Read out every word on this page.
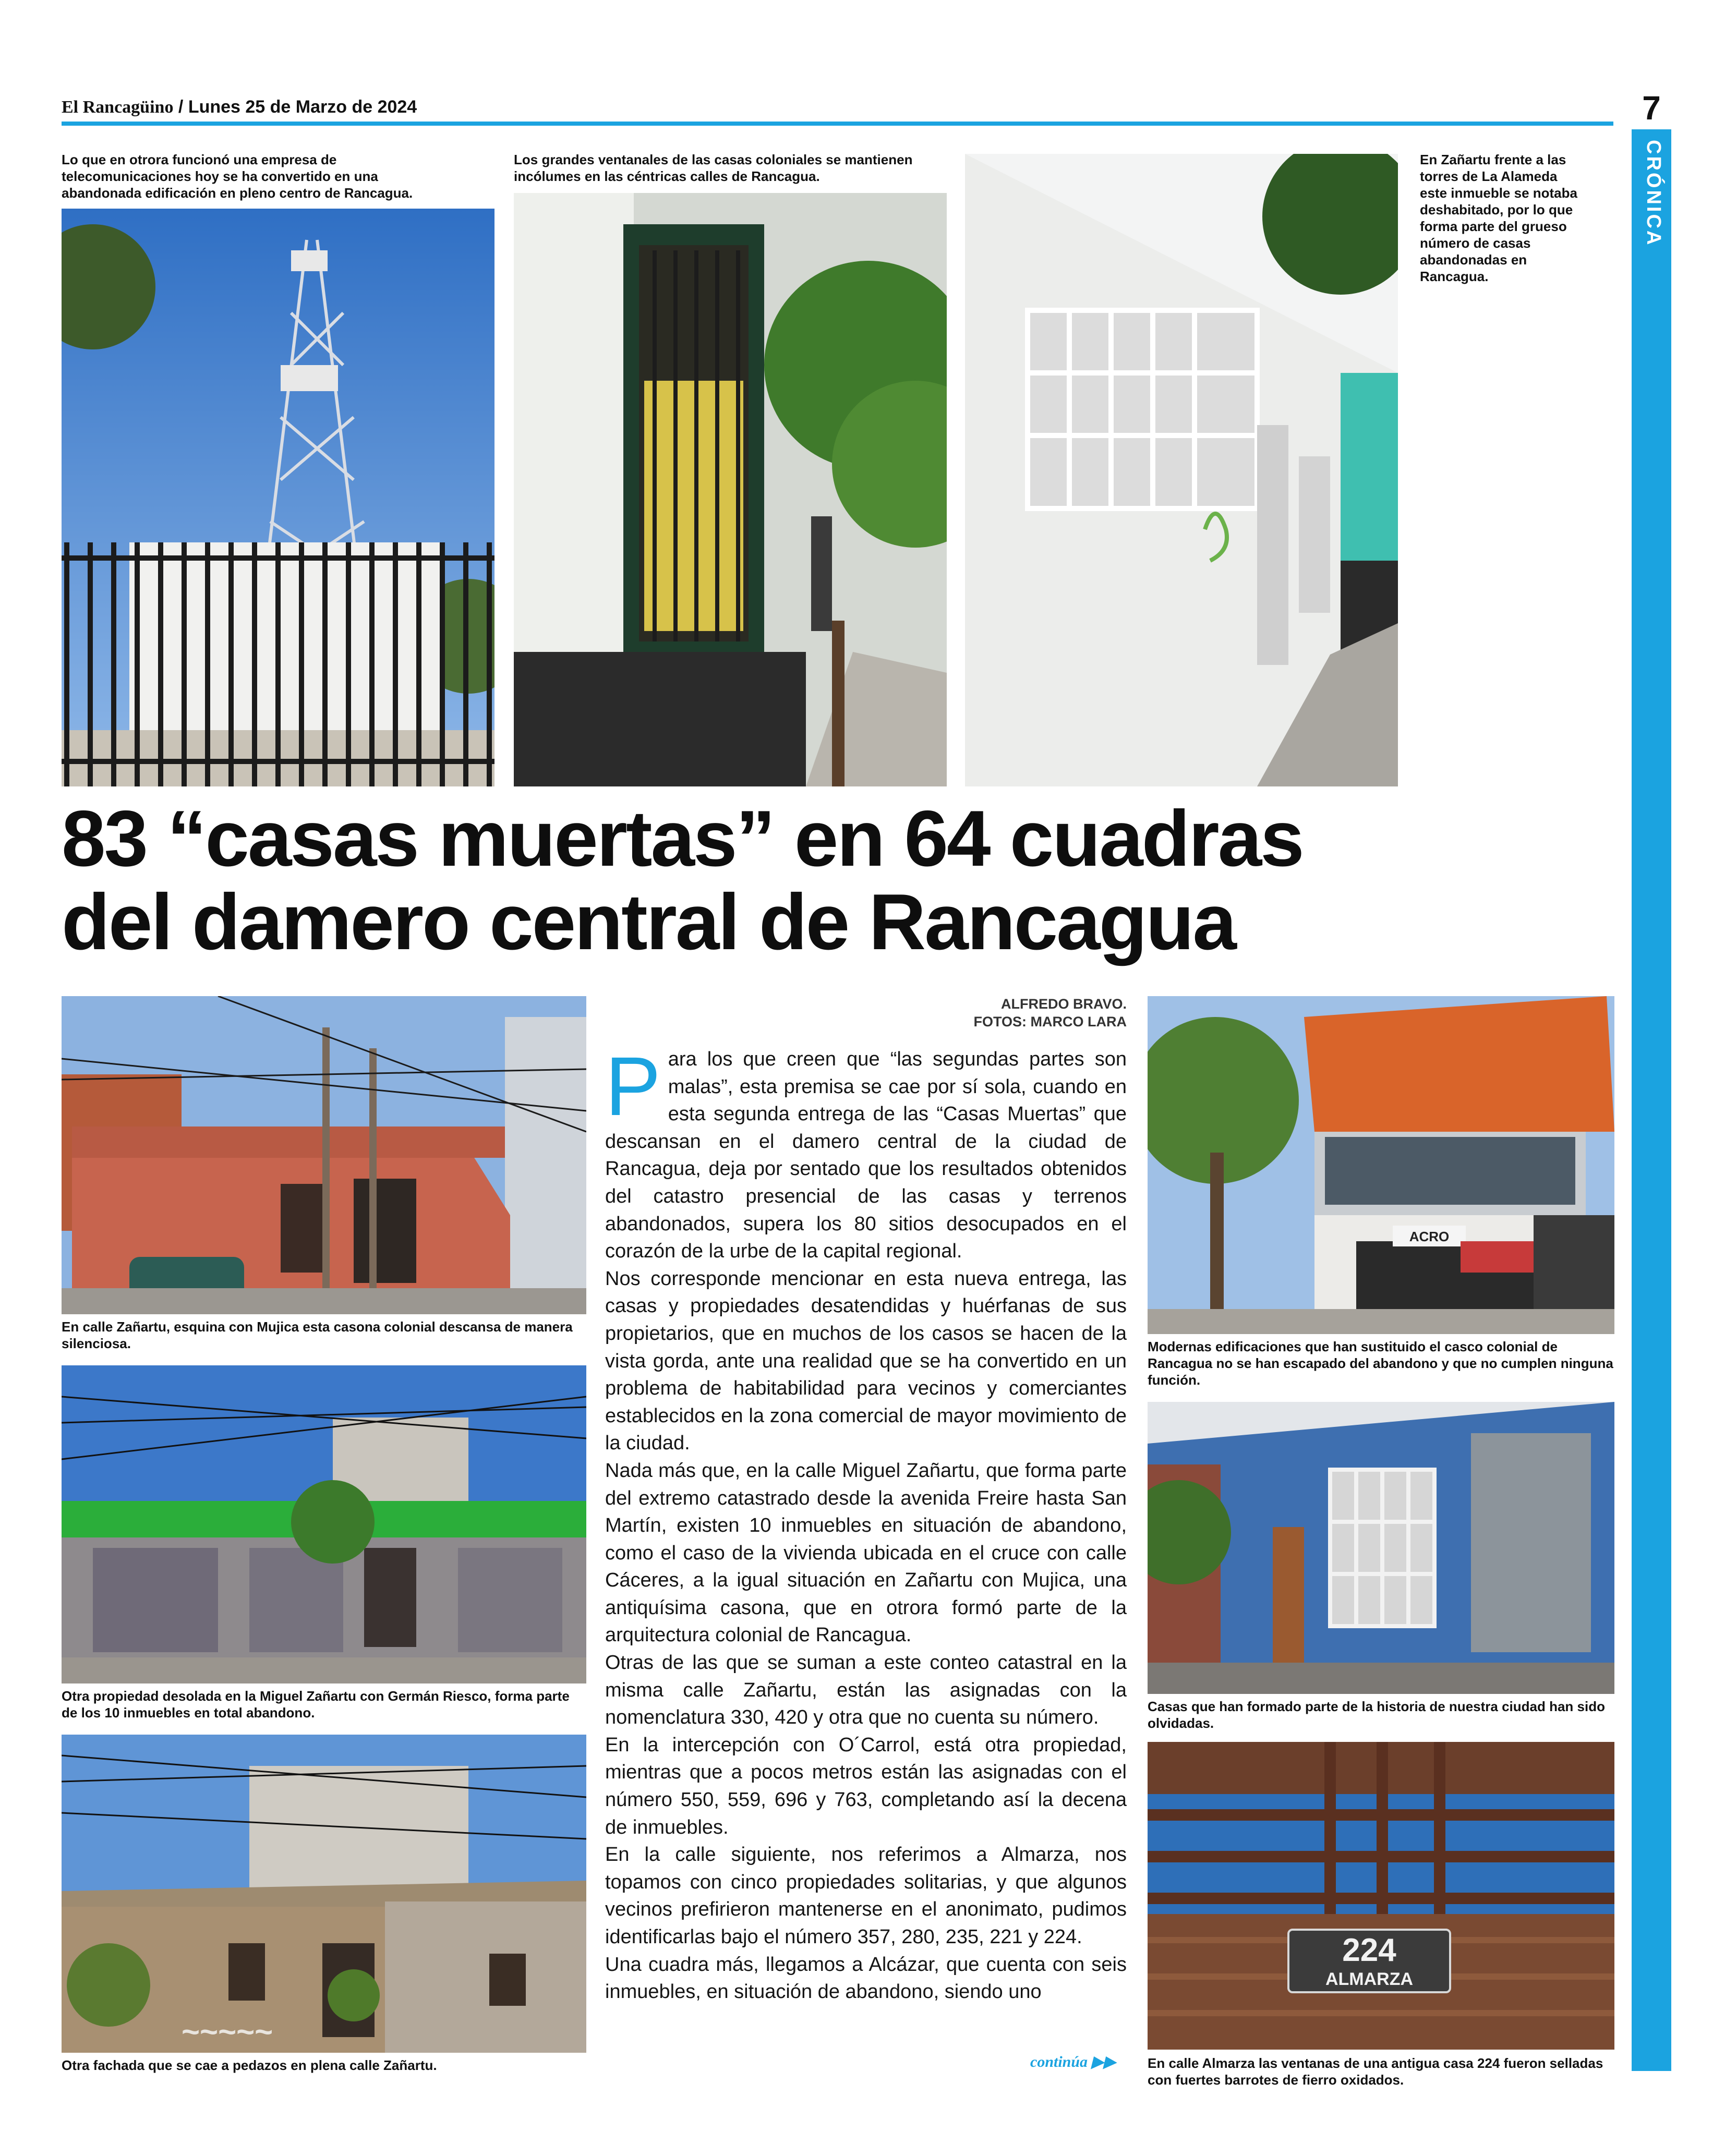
El Rancagüino / Lunes 25 de Marzo de 2024	7
CRÓNICA
Lo que en otrora funcionó una empresa de telecomunicaciones hoy se ha convertido en una abandonada edificación en pleno centro de Rancagua.
Los grandes ventanales de las casas coloniales se mantienen incólumes en las céntricas calles de Rancagua.
En Zañartu frente a las torres de La Alameda este inmueble se notaba deshabitado, por lo que forma parte del grueso número de casas abandonadas en Rancagua.
83 “casas muertas” en 64 cuadras
del damero central de Rancagua
En calle Zañartu, esquina con Mujica esta casona colonial descansa de manera silenciosa.
Otra propiedad desolada en la Miguel Zañartu con Germán Riesco, forma parte de los 10 inmuebles en total abandono.
~~~~~
Otra fachada que se cae a pedazos en plena calle Zañartu.
ALFREDO BRAVO.
FOTOS: MARCO LARA

Para los que creen que “las segundas partes son malas”, esta premisa se cae por sí sola, cuando en esta segunda entrega de las “Casas Muertas” que descansan en el damero central de la ciudad de Rancagua, deja por sentado que los resultados obtenidos del catastro presencial de las casas y terrenos abandonados, supera los 80 sitios desocupados en el corazón de la urbe de la capital regional.

Nos corresponde mencionar en esta nueva entrega, las casas y propiedades desatendidas y huérfanas de sus propietarios, que en muchos de los casos se hacen de la vista gorda, ante una realidad que se ha convertido en un problema de habitabilidad para vecinos y comerciantes establecidos en la zona comercial de mayor movimiento de la ciudad.

Nada más que, en la calle Miguel Zañartu, que forma parte del extremo catastrado desde la avenida Freire hasta San Martín, existen 10 inmuebles en situación de abandono, como el caso de la vivienda ubicada en el cruce con calle Cáceres, a la igual situación en Zañartu con Mujica, una antiquísima casona, que en otrora formó parte de la arquitectura colonial de Rancagua.

Otras de las que se suman a este conteo catastral en la misma calle Zañartu, están las asignadas con la nomenclatura 330, 420 y otra que no cuenta su número.

En la intercepción con O´Carrol, está otra propiedad, mientras que a pocos metros están las asignadas con el número 550, 559, 696 y 763, completando así la decena de inmuebles.

En la calle siguiente, nos referimos a Almarza, nos topamos con cinco propiedades solitarias, y que algunos vecinos prefirieron mantenerse en el anonimato, pudimos identificarlas bajo el número 357, 280, 235, 221 y 224.

Una cuadra más, llegamos a Alcázar, que cuenta con seis inmuebles, en situación de abandono, siendo uno

continúa ▶▶
ACRO
Modernas edificaciones que han sustituido el casco colonial de Rancagua no se han escapado del abandono y que no cumplen ninguna función.
Casas que han formado parte de la historia de nuestra ciudad han sido olvidadas.
224
ALMARZA
En calle Almarza las ventanas de una antigua casa 224 fueron selladas con fuertes barrotes de fierro oxidados.
